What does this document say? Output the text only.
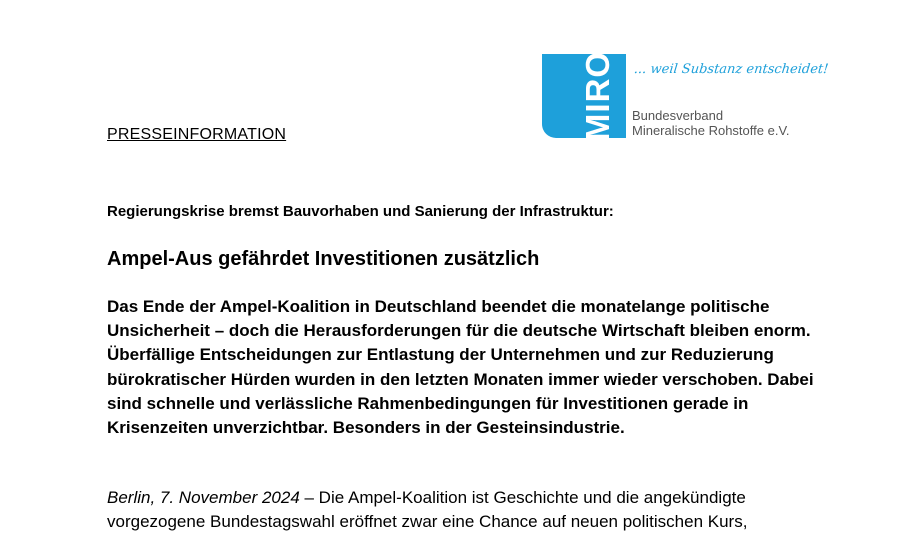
MIRO ... weil Substanz entscheidet!
Bundesverband
Mineralische Rohstoffe e.V.
PRESSEINFORMATION
Regierungskrise bremst Bauvorhaben und Sanierung der Infrastruktur:
Ampel-Aus gefährdet Investitionen zusätzlich

Das Ende der Ampel-Koalition in Deutschland beendet die monatelange politische Unsicherheit – doch die Herausforderungen für die deutsche Wirtschaft bleiben enorm. Überfällige Entscheidungen zur Entlastung der Unternehmen und zur Reduzierung bürokratischer Hürden wurden in den letzten Monaten immer wieder verschoben. Dabei sind schnelle und verlässliche Rahmenbedingungen für Investitionen gerade in Krisenzeiten unverzichtbar. Besonders in der Gesteinsindustrie.

Berlin, 7. November 2024 – Die Ampel-Koalition ist Geschichte und die angekündigte vorgezogene Bundestagswahl eröffnet zwar eine Chance auf neuen politischen Kurs,
